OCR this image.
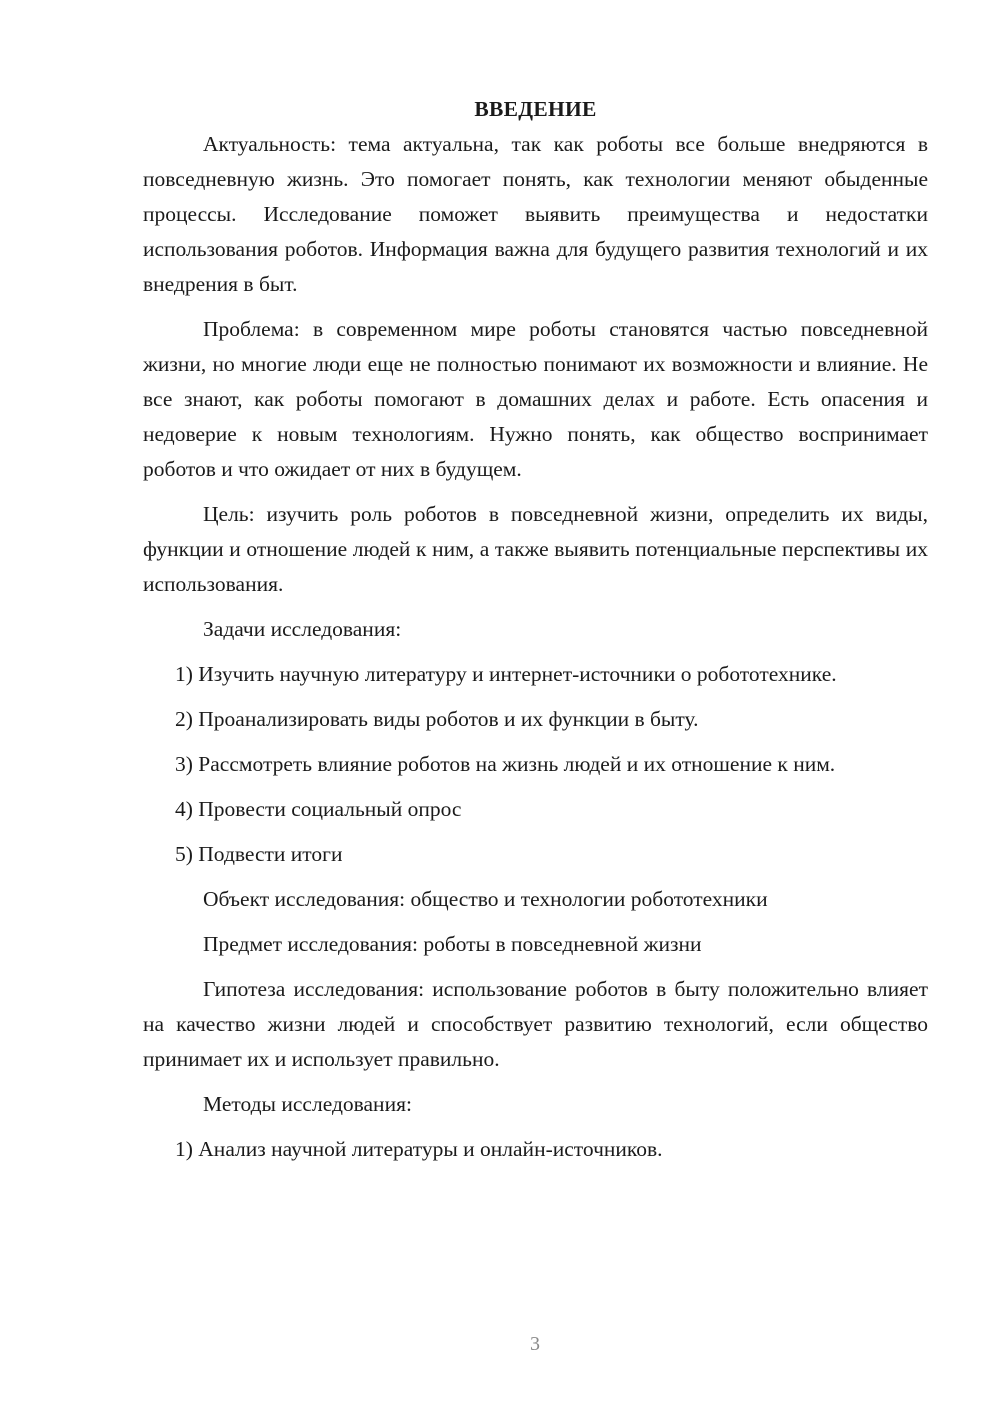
ВВЕДЕНИЕ

Актуальность: тема актуальна, так как роботы все больше внедряются в повседневную жизнь. Это помогает понять, как технологии меняют обыденные процессы. Исследование поможет выявить преимущества и недостатки использования роботов. Информация важна для будущего развития технологий и их внедрения в быт.

Проблема: в современном мире роботы становятся частью повседневной жизни, но многие люди еще не полностью понимают их возможности и влияние. Не все знают, как роботы помогают в домашних делах и работе. Есть опасения и недоверие к новым технологиям. Нужно понять, как общество воспринимает роботов и что ожидает от них в будущем.

Цель: изучить роль роботов в повседневной жизни, определить их виды, функции и отношение людей к ним, а также выявить потенциальные перспективы их использования.

Задачи исследования:

1) Изучить научную литературу и интернет-источники о робототехнике.

2) Проанализировать виды роботов и их функции в быту.

3) Рассмотреть влияние роботов на жизнь людей и их отношение к ним.

4) Провести социальный опрос

5) Подвести итоги

Объект исследования: общество и технологии робототехники

Предмет исследования: роботы в повседневной жизни

Гипотеза исследования: использование роботов в быту положительно влияет на качество жизни людей и способствует развитию технологий, если общество принимает их и использует правильно.

Методы исследования:

1) Анализ научной литературы и онлайн-источников.

3
